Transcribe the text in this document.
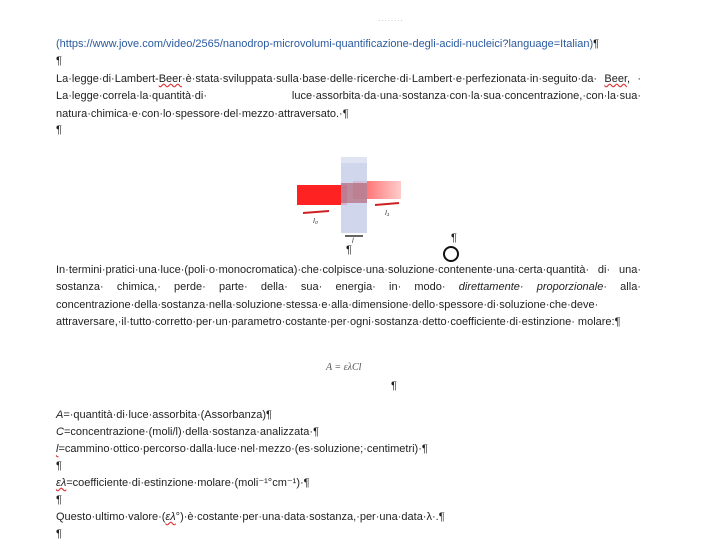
........
(https://www.jove.com/video/2565/nanodrop-microvolumi-quantificazione-degli-acidi-nucleici?language=Italian)¶
¶
La·legge·di·Lambert-Beer·è·stata·sviluppata·sulla·base·delle·ricerche·di·Lambert·e·perfezionata·in·seguito·da· Beer, · La·legge·correla·la·quantità·di· luce·assorbita·da·una·sostanza·con·la·sua·concentrazione,·con·la·sua· natura·chimica·e·con·lo·spessore·del·mezzo·attraversato.·¶
¶
I₀
I₁
l
¶
¶
In·termini·pratici·una·luce·(poli·o·monocromatica)·che·colpisce·una·soluzione·contenente·una·certa·quantità· di· una· sostanza· chimica,· perde· parte· della· sua· energia· in· modo· direttamente· proporzionale· alla· concentrazione·della·sostanza·nella·soluzione·stessa·e·alla·dimensione·dello·spessore·di·soluzione·che·deve· attraversare,·il·tutto·corretto·per·un·parametro·costante·per·ogni·sostanza·detto·coefficiente·di·estinzione· molare:¶
A = ελCl
¶
A=·quantità·di·luce·assorbita·(Assorbanza)¶
C=concentrazione·(moli/l)·della·sostanza·analizzata·¶
l=cammino·ottico·percorso·dalla·luce·nel·mezzo·(es·soluzione;·centimetri)·¶
¶
ελ=coefficiente·di·estinzione·molare·(moli⁻¹°cm⁻¹)·¶
¶
Questo·ultimo·valore·(ελ°)·è·costante·per·una·data·sostanza,·per·una·data·λ·.¶
¶
